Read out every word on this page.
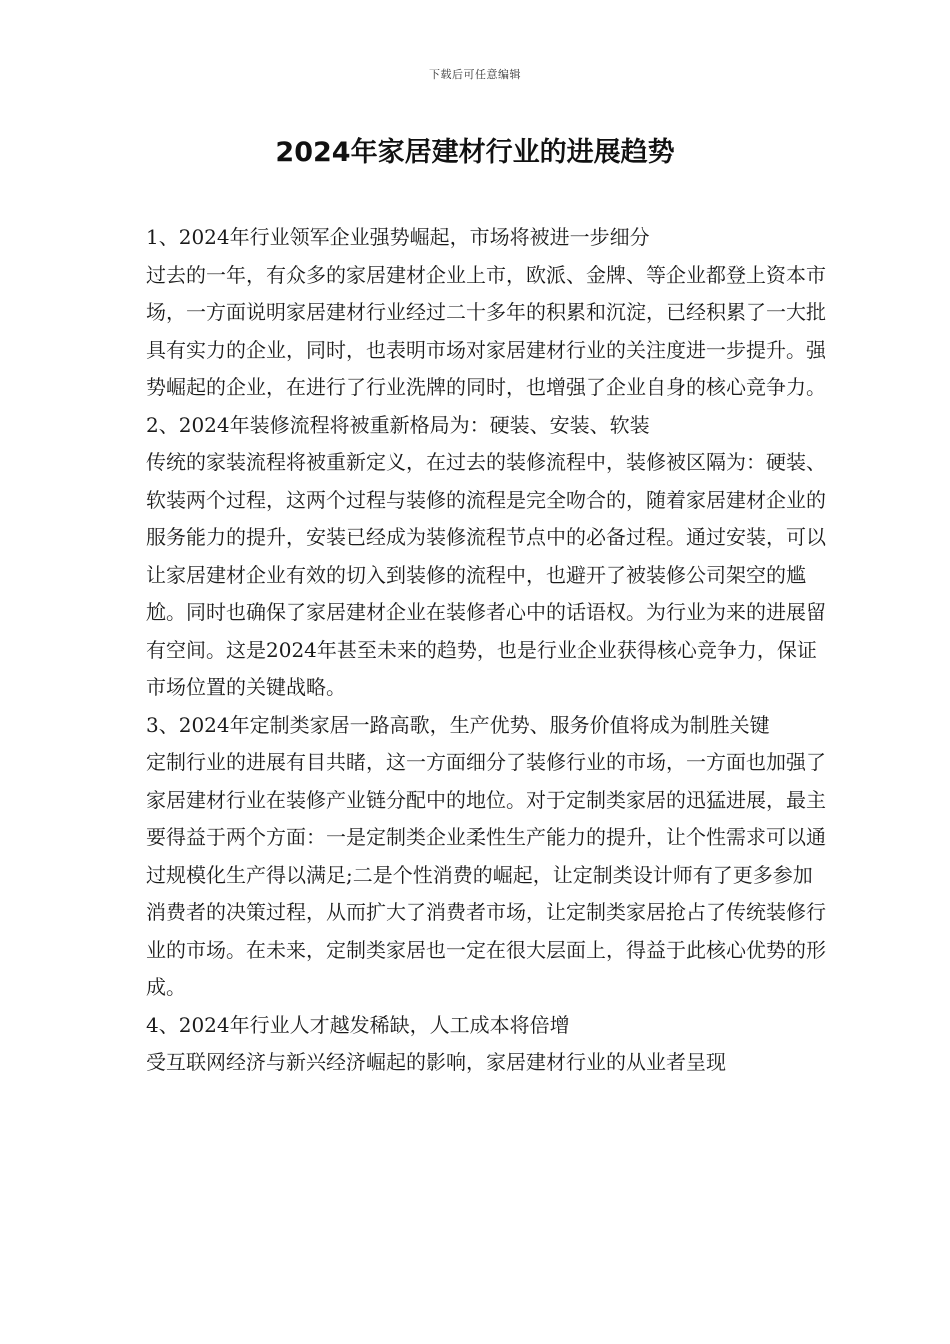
下载后可任意编辑
2024年家居建材行业的进展趋势

1、2024年行业领军企业强势崛起，市场将被进一步细分

过去的一年，有众多的家居建材企业上市，欧派、金牌、等企业都登上资本市场，一方面说明家居建材行业经过二十多年的积累和沉淀，已经积累了一大批具有实力的企业，同时，也表明市场对家居建材行业的关注度进一步提升。强势崛起的企业，在进行了行业洗牌的同时，也增强了企业自身的核心竞争力。

2、2024年装修流程将被重新格局为：硬装、安装、软装

传统的家装流程将被重新定义，在过去的装修流程中，装修被区隔为：硬装、软装两个过程，这两个过程与装修的流程是完全吻合的，随着家居建材企业的服务能力的提升，安装已经成为装修流程节点中的必备过程。通过安装，可以让家居建材企业有效的切入到装修的流程中，也避开了被装修公司架空的尴尬。同时也确保了家居建材企业在装修者心中的话语权。为行业为来的进展留有空间。这是2024年甚至未来的趋势，也是行业企业获得核心竞争力，保证市场位置的关键战略。

3、2024年定制类家居一路高歌，生产优势、服务价值将成为制胜关键

定制行业的进展有目共睹，这一方面细分了装修行业的市场，一方面也加强了家居建材行业在装修产业链分配中的地位。对于定制类家居的迅猛进展，最主要得益于两个方面：一是定制类企业柔性生产能力的提升，让个性需求可以通过规模化生产得以满足;二是个性消费的崛起，让定制类设计师有了更多参加消费者的决策过程，从而扩大了消费者市场，让定制类家居抢占了传统装修行业的市场。在未来，定制类家居也一定在很大层面上，得益于此核心优势的形成。

4、2024年行业人才越发稀缺，人工成本将倍增

受互联网经济与新兴经济崛起的影响，家居建材行业的从业者呈现
